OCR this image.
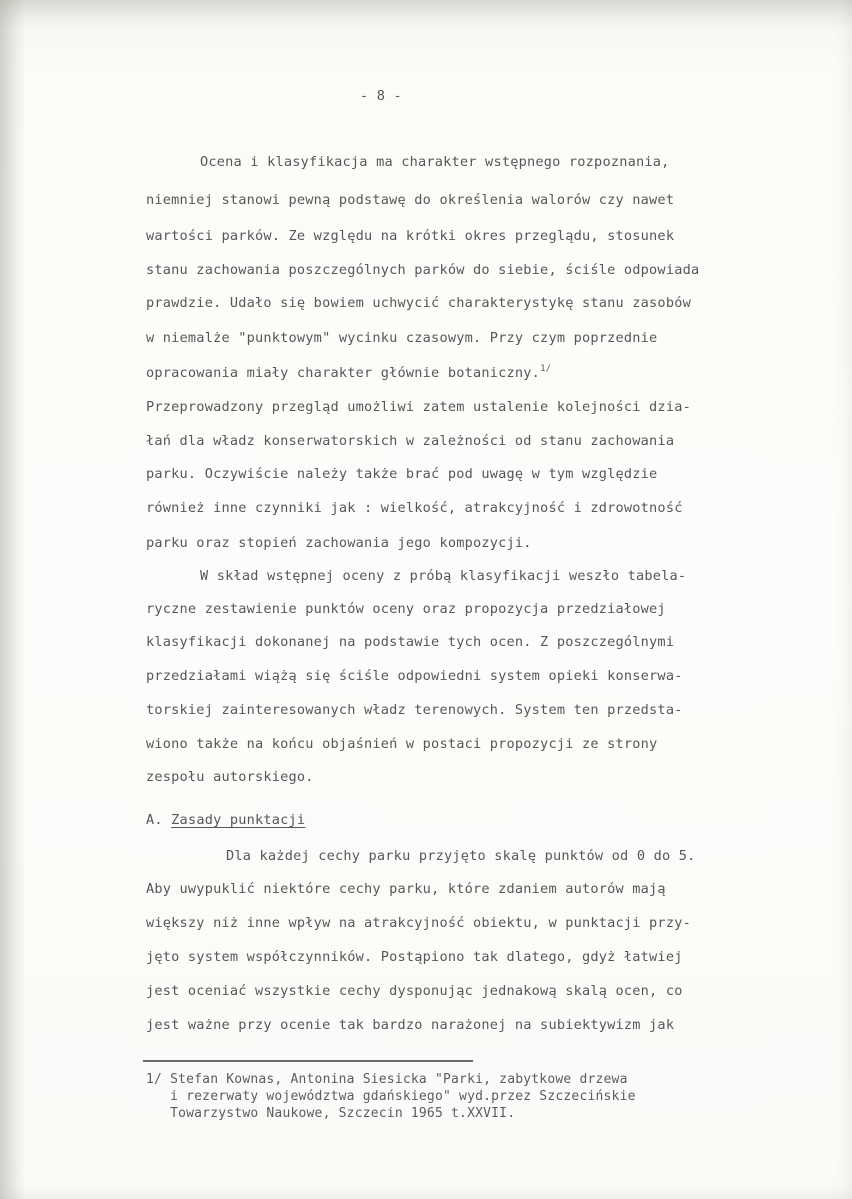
- 8 -
Ocena i klasyfikacja ma charakter wstępnego rozpoznania,
niemniej stanowi pewną podstawę do określenia walorów czy nawet
wartości parków. Ze względu na krótki okres przeglądu, stosunek
stanu zachowania poszczególnych parków do siebie, ściśle odpowiada
prawdzie. Udało się bowiem uchwycić charakterystykę stanu zasobów
w niemalże "punktowym" wycinku czasowym. Przy czym poprzednie
opracowania miały charakter głównie botaniczny.$^{1/}$
Przeprowadzony przegląd umożliwi zatem ustalenie kolejności dzia-
łań dla władz konserwatorskich w zależności od stanu zachowania
parku. Oczywiście należy także brać pod uwagę w tym względzie
również inne czynniki jak : wielkość, atrakcyjność i zdrowotność
parku oraz stopień zachowania jego kompozycji.
W skład wstępnej oceny z próbą klasyfikacji weszło tabela-
ryczne zestawienie punktów oceny oraz propozycja przedziałowej
klasyfikacji dokonanej na podstawie tych ocen. Z poszczególnymi
przedziałami wiążą się ściśle odpowiedni system opieki konserwa-
torskiej zainteresowanych władz terenowych. System ten przedsta-
wiono także na końcu objaśnień w postaci propozycji ze strony
zespołu autorskiego.
A. Zasady punktacji
Dla każdej cechy parku przyjęto skalę punktów od 0 do 5.
Aby uwypuklić niektóre cechy parku, które zdaniem autorów mają
większy niż inne wpływ na atrakcyjność obiektu, w punktacji przy-
jęto system współczynników. Postąpiono tak dlatego, gdyż łatwiej
jest oceniać wszystkie cechy dysponując jednakową skalą ocen, co
jest ważne przy ocenie tak bardzo narażonej na subiektywizm jak
1/ Stefan Kownas, Antonina Siesicka "Parki, zabytkowe drzewa
i rezerwaty województwa gdańskiego" wyd.przez Szczecińskie
Towarzystwo Naukowe, Szczecin 1965 t.XXVII.
